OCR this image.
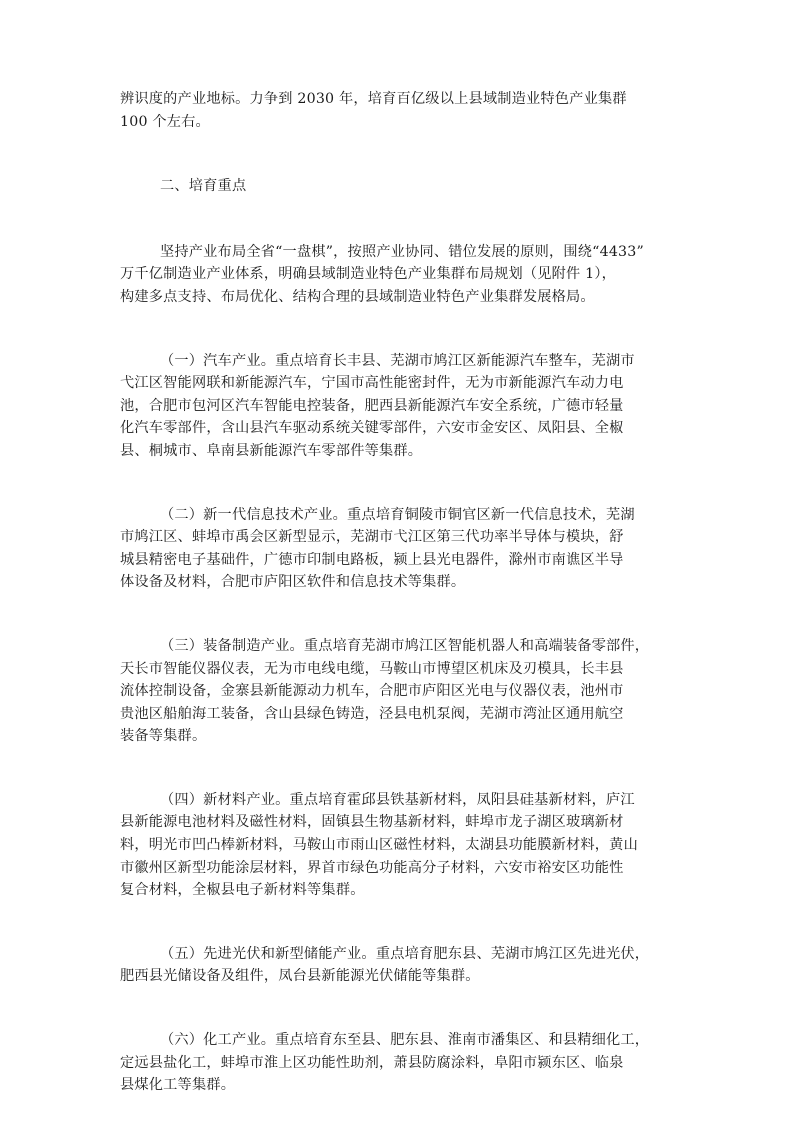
辨识度的产业地标。力争到 2030 年，培育百亿级以上县域制造业特色产业集群
100 个左右。

二、培育重点

坚持产业布局全省“一盘棋”，按照产业协同、错位发展的原则，围绕“4433”
万千亿制造业产业体系，明确县域制造业特色产业集群布局规划（见附件 1），
构建多点支持、布局优化、结构合理的县域制造业特色产业集群发展格局。

（一）汽车产业。重点培育长丰县、芜湖市鸠江区新能源汽车整车，芜湖市
弋江区智能网联和新能源汽车，宁国市高性能密封件，无为市新能源汽车动力电
池，合肥市包河区汽车智能电控装备，肥西县新能源汽车安全系统，广德市轻量
化汽车零部件，含山县汽车驱动系统关键零部件，六安市金安区、凤阳县、全椒
县、桐城市、阜南县新能源汽车零部件等集群。

（二）新一代信息技术产业。重点培育铜陵市铜官区新一代信息技术，芜湖
市鸠江区、蚌埠市禹会区新型显示，芜湖市弋江区第三代功率半导体与模块，舒
城县精密电子基础件，广德市印制电路板，颍上县光电器件，滁州市南谯区半导
体设备及材料，合肥市庐阳区软件和信息技术等集群。

（三）装备制造产业。重点培育芜湖市鸠江区智能机器人和高端装备零部件，
天长市智能仪器仪表，无为市电线电缆，马鞍山市博望区机床及刃模具，长丰县
流体控制设备，金寨县新能源动力机车，合肥市庐阳区光电与仪器仪表，池州市
贵池区船舶海工装备，含山县绿色铸造，泾县电机泵阀，芜湖市湾沚区通用航空
装备等集群。

（四）新材料产业。重点培育霍邱县铁基新材料，凤阳县硅基新材料，庐江
县新能源电池材料及磁性材料，固镇县生物基新材料，蚌埠市龙子湖区玻璃新材
料，明光市凹凸棒新材料，马鞍山市雨山区磁性材料，太湖县功能膜新材料，黄山
市徽州区新型功能涂层材料，界首市绿色功能高分子材料，六安市裕安区功能性
复合材料，全椒县电子新材料等集群。

（五）先进光伏和新型储能产业。重点培育肥东县、芜湖市鸠江区先进光伏，
肥西县光储设备及组件，凤台县新能源光伏储能等集群。

（六）化工产业。重点培育东至县、肥东县、淮南市潘集区、和县精细化工，
定远县盐化工，蚌埠市淮上区功能性助剂，萧县防腐涂料，阜阳市颍东区、临泉
县煤化工等集群。
